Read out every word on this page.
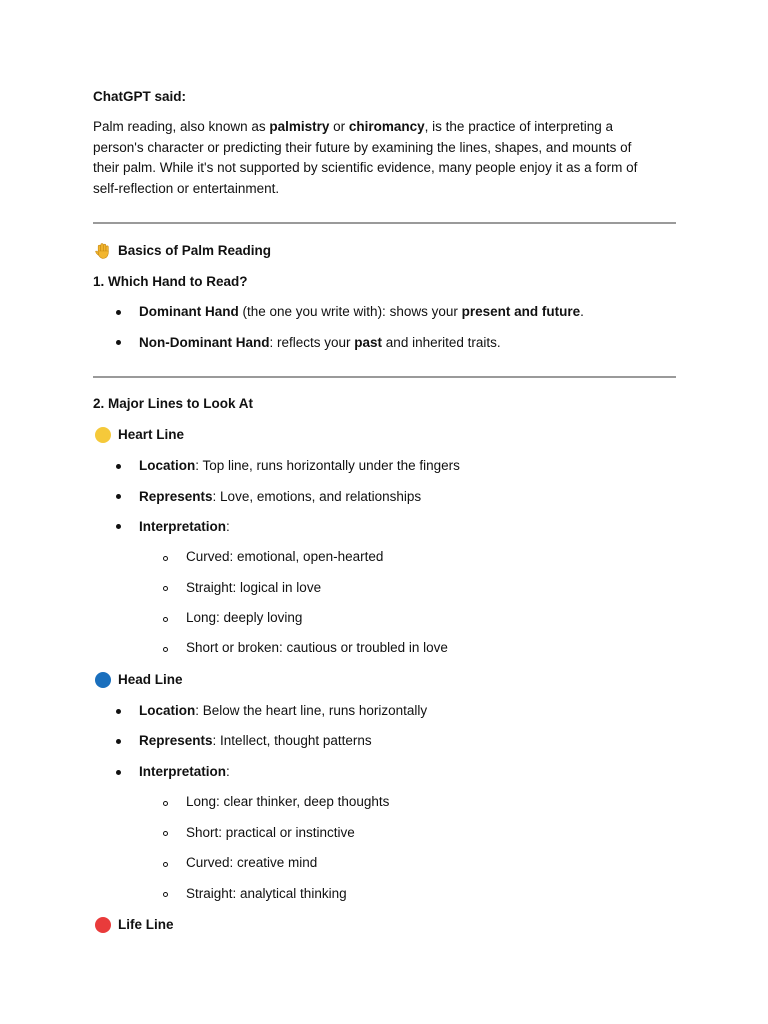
ChatGPT said:
Palm reading, also known as palmistry or chiromancy, is the practice of interpreting a
person's character or predicting their future by examining the lines, shapes, and mounts of
their palm. While it's not supported by scientific evidence, many people enjoy it as a form of
self-reflection or entertainment.
Basics of Palm Reading
1. Which Hand to Read?
Dominant Hand (the one you write with): shows your present and future.
Non-Dominant Hand: reflects your past and inherited traits.
2. Major Lines to Look At
Heart Line
Location: Top line, runs horizontally under the fingers
Represents: Love, emotions, and relationships
Interpretation:
Curved: emotional, open-hearted
Straight: logical in love
Long: deeply loving
Short or broken: cautious or troubled in love
Head Line
Location: Below the heart line, runs horizontally
Represents: Intellect, thought patterns
Interpretation:
Long: clear thinker, deep thoughts
Short: practical or instinctive
Curved: creative mind
Straight: analytical thinking
Life Line
